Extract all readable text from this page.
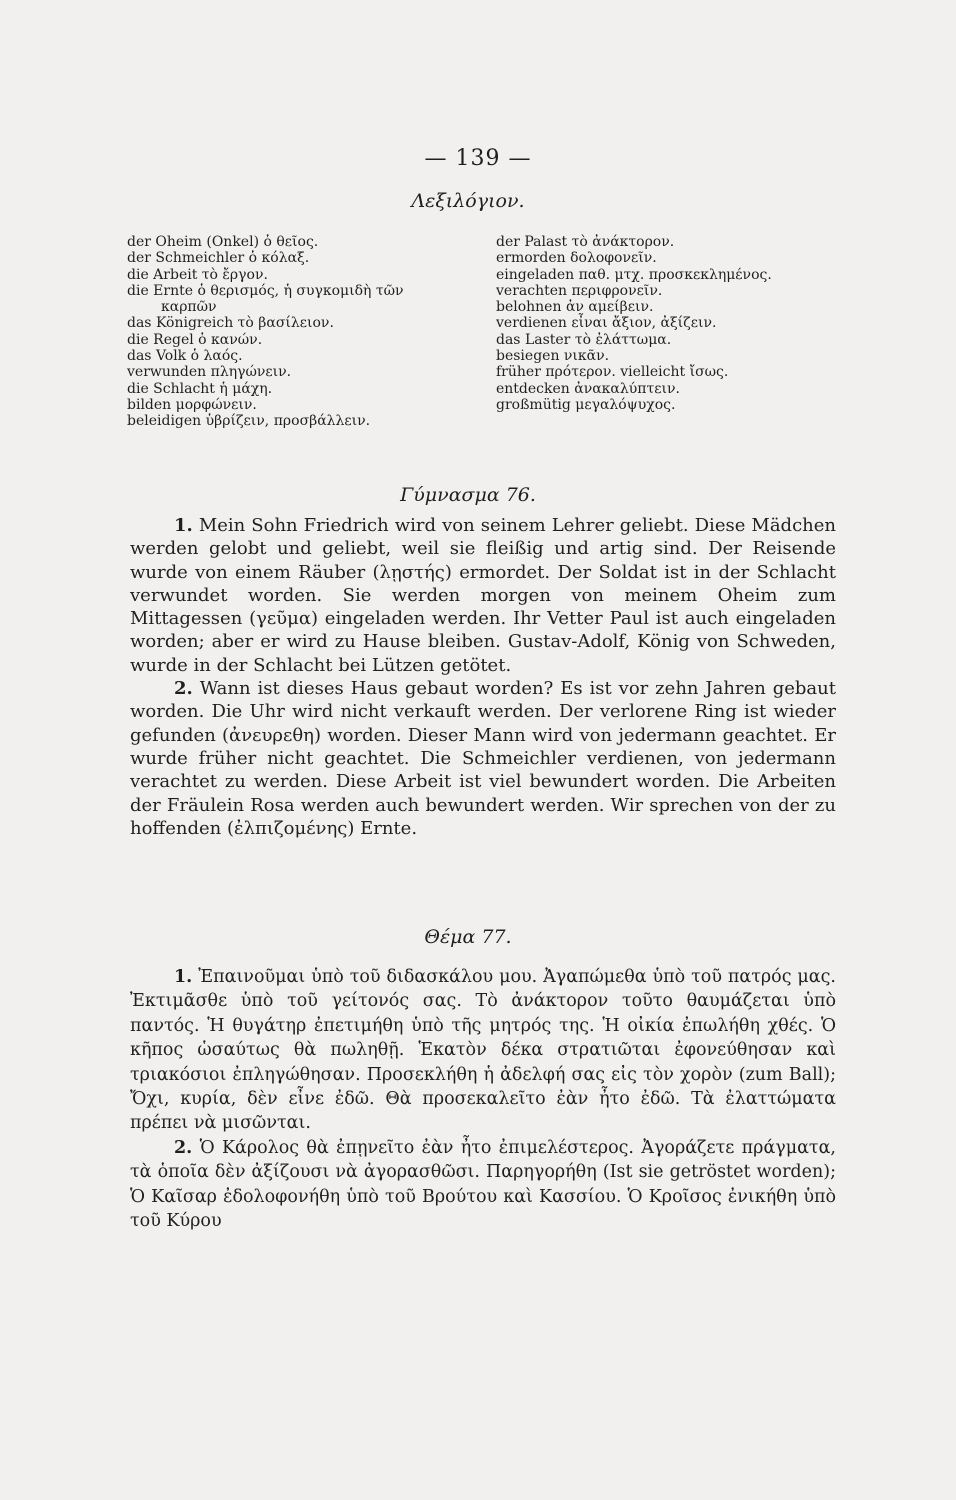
— 139 —
Λεξιλόγιον.
der Oheim (Onkel) ὁ θεῖος.
der Schmeichler ὁ κόλαξ.
die Arbeit τὸ ἔργον.
die Ernte ὁ θερισμός, ἡ συγκομιδὴ τῶν
καρπῶν
das Königreich τὸ βασίλειον.
die Regel ὁ κανών.
das Volk ὁ λαός.
verwunden πληγώνειν.
die Schlacht ἡ μάχη.
bilden μορφώνειν.
beleidigen ὑβρίζειν, προσβάλλειν.
der Palast τὸ ἀνάκτορον.
ermorden δολοφονεῖν.
eingeladen παθ. μτχ. προσκεκλημένος.
verachten περιφρονεῖν.
belohnen ἀν αμείβειν.
verdienen εἶναι ἄξιον, ἀξίζειν.
das Laster τὸ ἐλάττωμα.
besiegen νικᾶν.
früher πρότερον. vielleicht ἴσως.
entdecken ἀνακαλύπτειν.
großmütig μεγαλόψυχος.
Γύμνασμα 76.

1. Mein Sohn Friedrich wird von seinem Lehrer geliebt. Diese Mädchen werden gelobt und geliebt, weil sie fleißig und artig sind. Der Reisende wurde von einem Räuber (λῃστής) ermordet. Der Soldat ist in der Schlacht verwundet worden. Sie werden morgen von meinem Oheim zum Mittagessen (γεῦμα) eingeladen werden. Ihr Vetter Paul ist auch eingeladen worden; aber er wird zu Hause bleiben. Gustav-Adolf, König von Schweden, wurde in der Schlacht bei Lützen getötet.

2. Wann ist dieses Haus gebaut worden? Es ist vor zehn Jahren gebaut worden. Die Uhr wird nicht verkauft werden. Der verlorene Ring ist wieder gefunden (ἀνευρεθη) worden. Dieser Mann wird von jedermann geachtet. Er wurde früher nicht geachtet. Die Schmeichler verdienen, von jedermann verachtet zu werden. Diese Arbeit ist viel bewundert worden. Die Arbeiten der Fräulein Rosa werden auch bewundert werden. Wir sprechen von der zu hoffenden (ἐλπιζομένης) Ernte.

Θέμα 77.

1. Ἐπαινοῦμαι ὑπὸ τοῦ διδασκάλου μου. Ἀγαπώμεθα ὑπὸ τοῦ πατρός μας. Ἐκτιμᾶσθε ὑπὸ τοῦ γείτονός σας. Τὸ ἀνάκτορον τοῦτο θαυμάζεται ὑπὸ παντός. Ἡ θυγάτηρ ἐπετιμήθη ὑπὸ τῆς μητρός της. Ἡ οἰκία ἐπωλήθη χθές. Ὁ κῆπος ὡσαύτως θὰ πωληθῇ. Ἑκατὸν δέκα στρατιῶται ἐφονεύθησαν καὶ τριακόσιοι ἐπληγώθησαν. Προσεκλήθη ἡ ἀδελφή σας εἰς τὸν χορὸν (zum Ball); Ὄχι, κυρία, δὲν εἶνε ἐδῶ. Θὰ προσεκαλεῖτο ἐὰν ἦτο ἐδῶ. Τὰ ἐλαττώματα πρέπει νὰ μισῶνται.

2. Ὁ Κάρολος θὰ ἐπῃνεῖτο ἐὰν ἦτο ἐπιμελέστερος. Ἀγοράζετε πράγματα, τὰ ὁποῖα δὲν ἀξίζουσι νὰ ἀγορασθῶσι. Παρηγορήθη (Ist sie getröstet worden); Ὁ Καῖσαρ ἐδολοφονήθη ὑπὸ τοῦ Βρούτου καὶ Κασσίου. Ὁ Κροῖσος ἐνικήθη ὑπὸ τοῦ Κύρου
